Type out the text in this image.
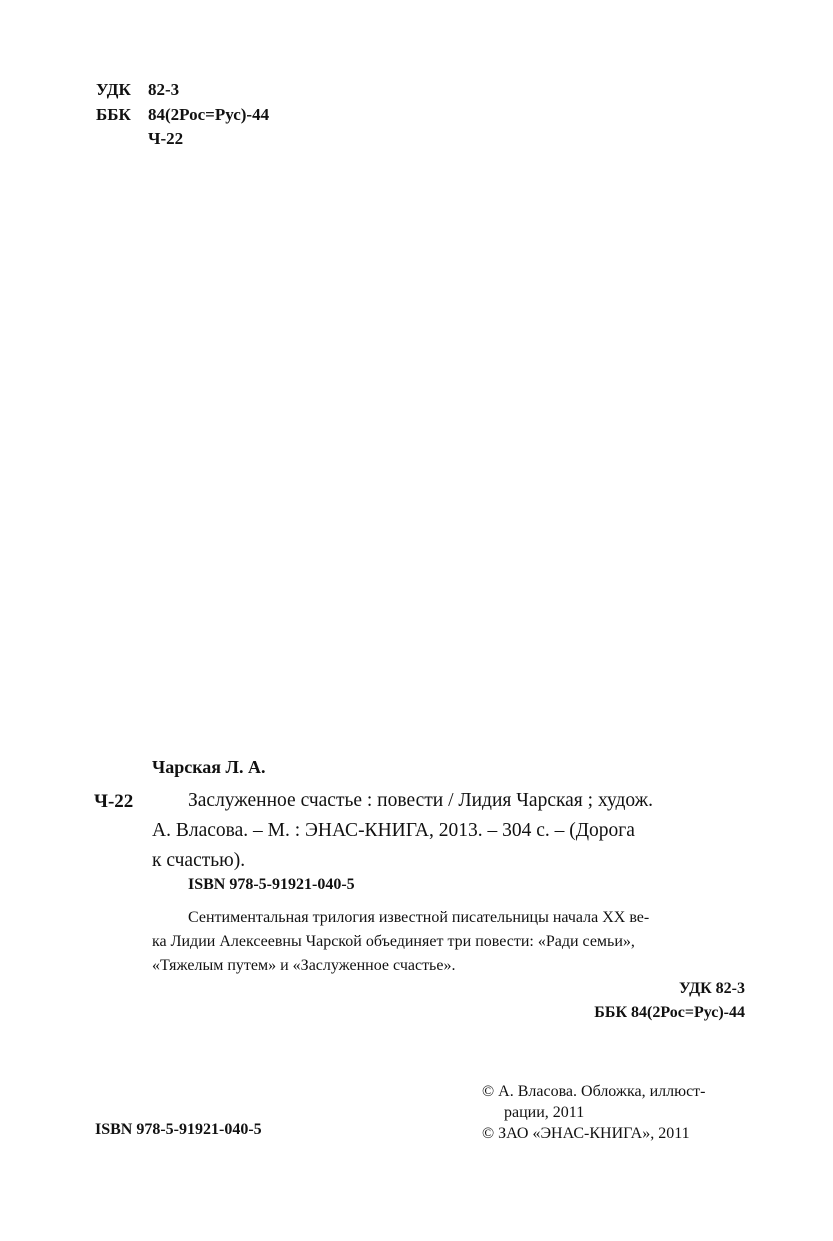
УДК 82-3
ББК 84(2Рос=Рус)-44
Ч-22
Чарская Л. А.
Ч-22	Заслуженное счастье : повести / Лидия Чарская ; худож.
А. Власова. – М. : ЭНАС-КНИГА, 2013. – 304 с. – (Дорога
к счастью).
ISBN 978-5-91921-040-5
Сентиментальная трилогия известной писательницы начала XX ве-
ка Лидии Алексеевны Чарской объединяет три повести: «Ради семьи»,
«Тяжелым путем» и «Заслуженное счастье».
УДК 82-3
ББК 84(2Рос=Рус)-44
© А. Власова. Обложка, иллюст-
рации, 2011
© ЗАО «ЭНАС-КНИГА», 2011
ISBN 978-5-91921-040-5
